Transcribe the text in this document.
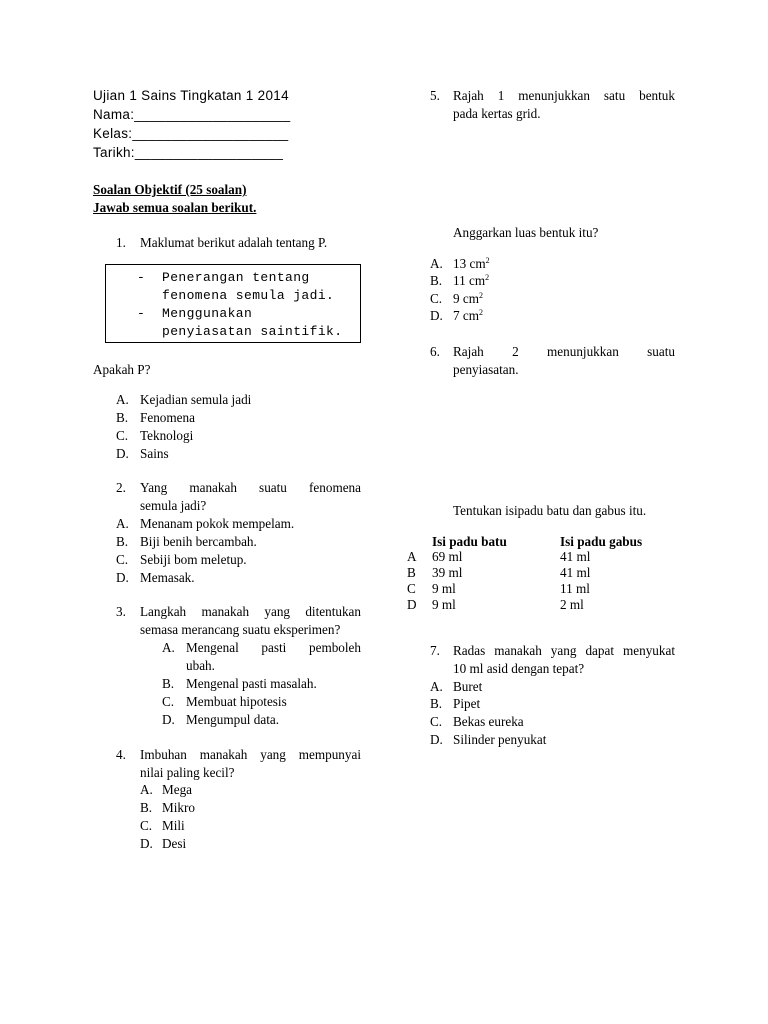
Ujian 1 Sains Tingkatan 1 2014
Nama:____________________
Kelas:____________________
Tarikh:___________________
Soalan Objektif (25 soalan)
Jawab semua soalan berikut.
1. Maklumat berikut adalah tentang P.
- Penerangan tentang
fenomena semula jadi.
- Menggunakan
penyiasatan saintifik.
Apakah P?
A. Kejadian semula jadi
B. Fenomena
C. Teknologi
D. Sains
2. Yang manakah suatu fenomena
semula jadi?
A. Menanam pokok mempelam.
B. Biji benih bercambah.
C. Sebiji bom meletup.
D. Memasak.
3. Langkah manakah yang ditentukan
semasa merancang suatu eksperimen?
A. Mengenal pasti pemboleh
ubah.
B. Mengenal pasti masalah.
C. Membuat hipotesis
D. Mengumpul data.
4. Imbuhan manakah yang mempunyai
nilai paling kecil?
A. Mega
B. Mikro
C. Mili
D. Desi
5. Rajah 1 menunjukkan satu bentuk
pada kertas grid.
Anggarkan luas bentuk itu?
A. 13 $cm^2$
B. 11 $cm^2$
C. 9 $cm^2$
D. 7 $cm^2$
6. Rajah 2 menunjukkan suatu
penyiasatan.
Tentukan isipadu batu dan gabus itu.
Isi padu batu	Isi padu gabus
A 69 ml	41 ml
B 39 ml	41 ml
C 9 ml	11 ml
D 9 ml	2 ml
7. Radas manakah yang dapat menyukat
10 ml asid dengan tepat?
A. Buret
B. Pipet
C. Bekas eureka
D. Silinder penyukat
